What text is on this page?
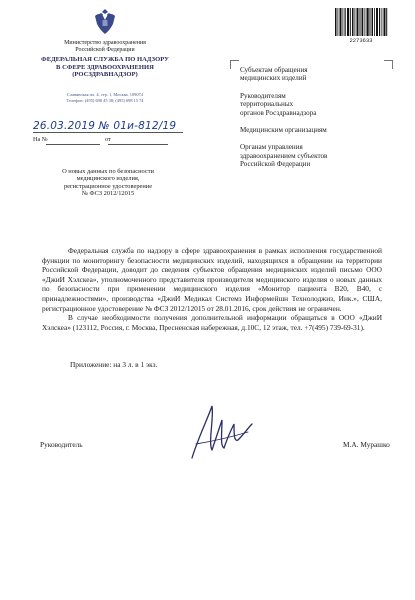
Министерство здравоохранения
Российской Федерации
ФЕДЕРАЛЬНАЯ СЛУЖБА ПО НАДЗОРУ
В СФЕРЕ ЗДРАВООХРАНЕНИЯ
(РОСЗДРАВНАДЗОР)
Славянская пл. 4, стр. 1, Москва, 109074
Телефон: (495) 698 45 38; (495) 698 15 74
26.03.2019 № 01и-812/19
На №	от
О новых данных по безопасности
медицинского изделия,
регистрационное удостоверение
№ ФСЗ 2012/12015
2273633

Субъектам обращения

медицинских изделий

Руководителям

территориальных

органов Росздравнадзора

Медицинским организациям

Органам управления

здравоохранением субъектов

Российской Федерации

Федеральная служба по надзору в сфере здравоохранения в рамках исполнения государственной функции по мониторингу безопасности медицинских изделий, находящихся в обращении на территории Российской Федерации, доводит до сведения субъектов обращения медицинских изделий письмо ООО «ДжиИ Хэлскеа», уполномоченного представителя производителя медицинского изделия о новых данных по безопасности при применении медицинского изделия «Монитор пациента B20, B40, с принадлежностями», производства «ДжиИ Медикал Системз Информейшн Технолоджиз, Инк.», США, регистрационное удостоверение № ФСЗ 2012/12015 от 28.01.2016, срок действия не ограничен.

В случае необходимости получения дополнительной информации обращаться в ООО «ДжиИ Хэлскеа» (123112, Россия, г. Москва, Пресненская набережная, д.10С, 12 этаж, тел. +7(495) 739-69-31).

Приложение: на 3 л. в 1 экз.
Руководитель	М.А. Мурашко
